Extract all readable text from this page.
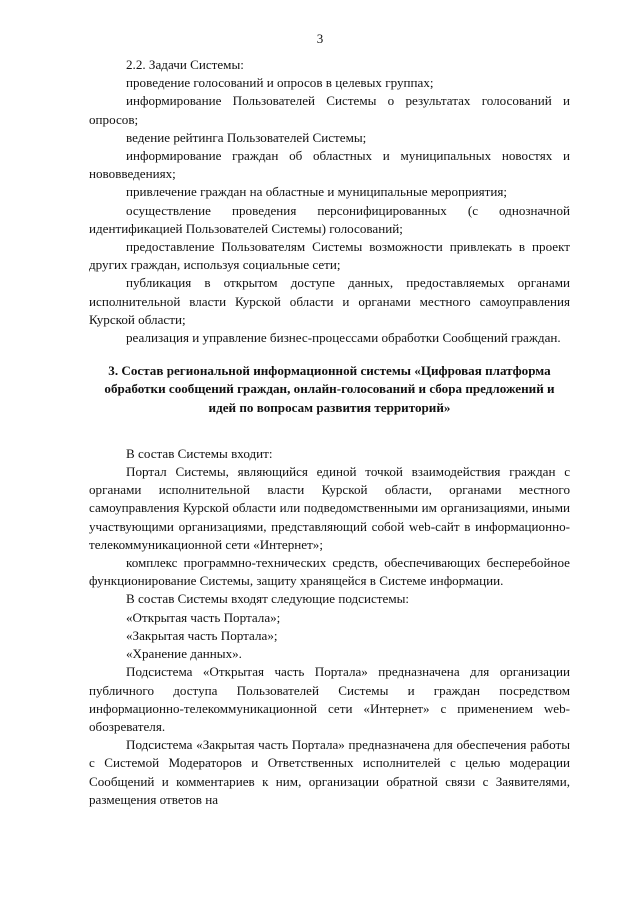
3

2.2. Задачи Системы:

проведение голосований и опросов в целевых группах;

информирование Пользователей Системы о результатах голосований и опросов;

ведение рейтинга Пользователей Системы;

информирование граждан об областных и муниципальных новостях и нововведениях;

привлечение граждан на областные и муниципальные мероприятия;

осуществление проведения персонифицированных (с однозначной идентификацией Пользователей Системы) голосований;

предоставление Пользователям Системы возможности привлекать в проект других граждан, используя социальные сети;

публикация в открытом доступе данных, предоставляемых органами исполнительной власти Курской области и органами местного самоуправления Курской области;

реализация и управление бизнес-процессами обработки Сообщений граждан.

3. Состав региональной информационной системы «Цифровая платформа обработки сообщений граждан, онлайн-голосований и сбора предложений и идей по вопросам развития территорий»

В состав Системы входит:

Портал Системы, являющийся единой точкой взаимодействия граждан с органами исполнительной власти Курской области, органами местного самоуправления Курской области или подведомственными им организациями, иными участвующими организациями, представляющий собой web-сайт в информационно-телекоммуникационной сети «Интернет»;

комплекс программно-технических средств, обеспечивающих бесперебойное функционирование Системы, защиту хранящейся в Системе информации.

В состав Системы входят следующие подсистемы:

«Открытая часть Портала»;

«Закрытая часть Портала»;

«Хранение данных».

Подсистема «Открытая часть Портала» предназначена для организации публичного доступа Пользователей Системы и граждан посредством информационно-телекоммуникационной сети «Интернет» с применением web-обозревателя.

Подсистема «Закрытая часть Портала» предназначена для обеспечения работы с Системой Модераторов и Ответственных исполнителей с целью модерации Сообщений и комментариев к ним, организации обратной связи с Заявителями, размещения ответов на
